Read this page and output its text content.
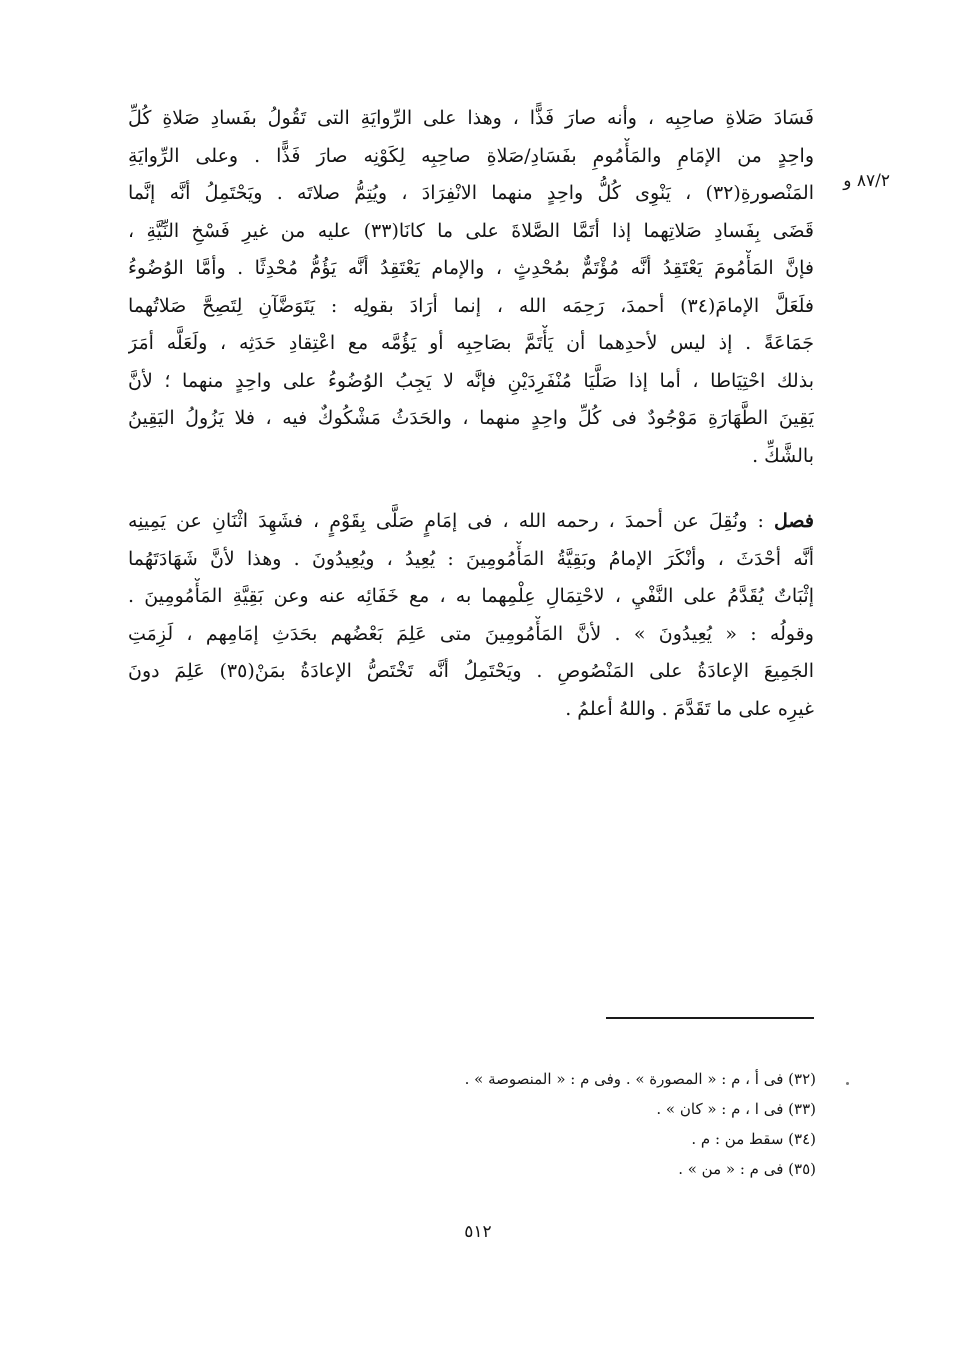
فَسَادَ صَلاةِ صاحِبِه ، وأنه صارَ فَذًّا ، وهذا على الرِّوايَةِ التى تَقُولُ بفَسادِ صَلاةِ كُلِّ
واحِدٍ من الإمَامِ والمَأْمُومِ بفَسَادِ/صَلاةِ صاحِبِه لِكَوْنِه صارَ فَذًّا . وعلى الرِّوايَةِ
المَنْصورةِ(٣٢) ، يَنْوِى كُلُّ واحِدٍ منهما الانْفِرَادَ ، ويُتِمُّ صلاتَه . ويَحْتَمِلُ أنَّه إنَّما
قَضَى بِفَسادِ صَلاتِهما إذا أتَمَّا الصَّلاةَ على ما كانَا(٣٣) عليه من غيرِ فَسْخِ النِّيَّةِ ،
فإنَّ المَأْمُومَ يَعْتَقِدُ أنَّه مُؤْتَمٌّ بمُحْدِثٍ ، والإمام يَعْتَقِدُ أنَّه يَؤُمُّ مُحْدِثًا . وأمَّا الوُضُوءُ
فلَعَلَّ الإمامَ(٣٤) أحمدَ، رَحِمَه الله ، إنما أرَادَ بقولِه : يَتَوَضَّآنِ لِتَصِحَّ صَلاتُهما
جَمَاعَةً . إذ ليس لأحدِهما أن يَأْتَمَّ بصَاحِبِه أو يَؤُمَّه مع اعْتِقادِ حَدَثِه ، ولَعَلَّه أمَرَ
بذلك احْتِيَاطا ، أما إذا صَلَّيَا مُنْفَرِدَيْنِ فإنَّه لا يَجِبُ الوُضُوءُ على واحِدٍ منهما ؛ لأنَّ
يَقِينَ الطَّهَارَةِ مَوْجُودٌ فى كُلِّ واحِدٍ منهما ، والحَدَثُ مَشْكُوكٌ فيه ، فلا يَزُولُ اليَقِينُ
بالشَّكِّ .
فصل : ونُقِلَ عن أحمدَ ، رحمه الله ، فى إمَامٍ صَلَّى بِقَوْمٍ ، فشَهِدَ اثْنَانِ عن يَمِينِه
أنَّه أحْدَثَ ، وأنْكَرَ الإمامُ وبَقِيَّةُ المَأْمُومِينَ : يُعِيدُ ، ويُعِيدُونَ . وهذا لأنَّ شَهَادَتَهُما
إثْبَاتٌ يُقَدَّمُ على النَّفْيِ ، لاحْتِمَالِ عِلْمِهما به ، مع خَفَائِه عنه وعن بَقِيَّةِ المَأْمُومِينَ .
وقولُه : « يُعِيدُونَ » . لأنَّ المَأْمُومِينَ متى عَلِمَ بَعْضُهم بحَدَثِ إمَامِهم ، لَزِمَتِ
الجَمِيعَ الإعادَةُ على المَنْصُوصِ . ويَحْتَمِلُ أنَّه تَخْتَصُّ الإعادَةُ بمَنْ(٣٥) عَلِمَ دونَ
غيرِه على ما تَقَدَّمَ . واللهُ أعلمُ .
٨٧/٢ و
(٣٢) فى أ ، م : « المصورة » . وفى م : « المنصوصة » .
(٣٣) فى ا ، م : « كان » .
(٣٤) سقط من : م .
(٣٥) فى م : « من » .
٥١٢
